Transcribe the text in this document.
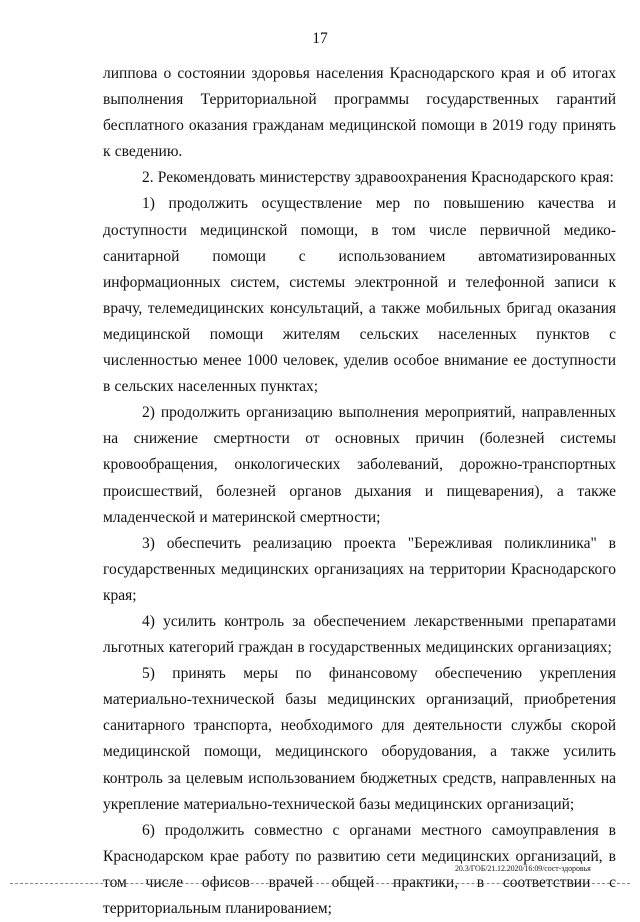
17

липпова о состоянии здоровья населения Краснодарского края и об итогах выполнения Территориальной программы государственных гарантий бесплатного оказания гражданам медицинской помощи в 2019 году принять к сведению.

2. Рекомендовать министерству здравоохранения Краснодарского края:

1) продолжить осуществление мер по повышению качества и доступности медицинской помощи, в том числе первичной медико-санитарной помощи с использованием автоматизированных информационных систем, системы электронной и телефонной записи к врачу, телемедицинских консультаций, а также мобильных бригад оказания медицинской помощи жителям сельских населенных пунктов с численностью менее 1000 человек, уделив особое внимание ее доступности в сельских населенных пунктах;

2) продолжить организацию выполнения мероприятий, направленных на снижение смертности от основных причин (болезней системы кровообращения, онкологических заболеваний, дорожно-транспортных происшествий, болезней органов дыхания и пищеварения), а также младенческой и материнской смертности;

3) обеспечить реализацию проекта "Бережливая поликлиника" в государственных медицинских организациях на территории Краснодарского края;

4) усилить контроль за обеспечением лекарственными препаратами льготных категорий граждан в государственных медицинских организациях;

5) принять меры по финансовому обеспечению укрепления материально-технической базы медицинских организаций, приобретения санитарного транспорта, необходимого для деятельности службы скорой медицинской помощи, медицинского оборудования, а также усилить контроль за целевым использованием бюджетных средств, направленных на укрепление материально-технической базы медицинских организаций;

6) продолжить совместно с органами местного самоуправления в Краснодарском крае работу по развитию сети медицинских организаций, в том числе офисов врачей общей практики, в соответствии с территориальным планированием;

20.3/ГОБ/21.12.2020/16:09/сост-здоровья
